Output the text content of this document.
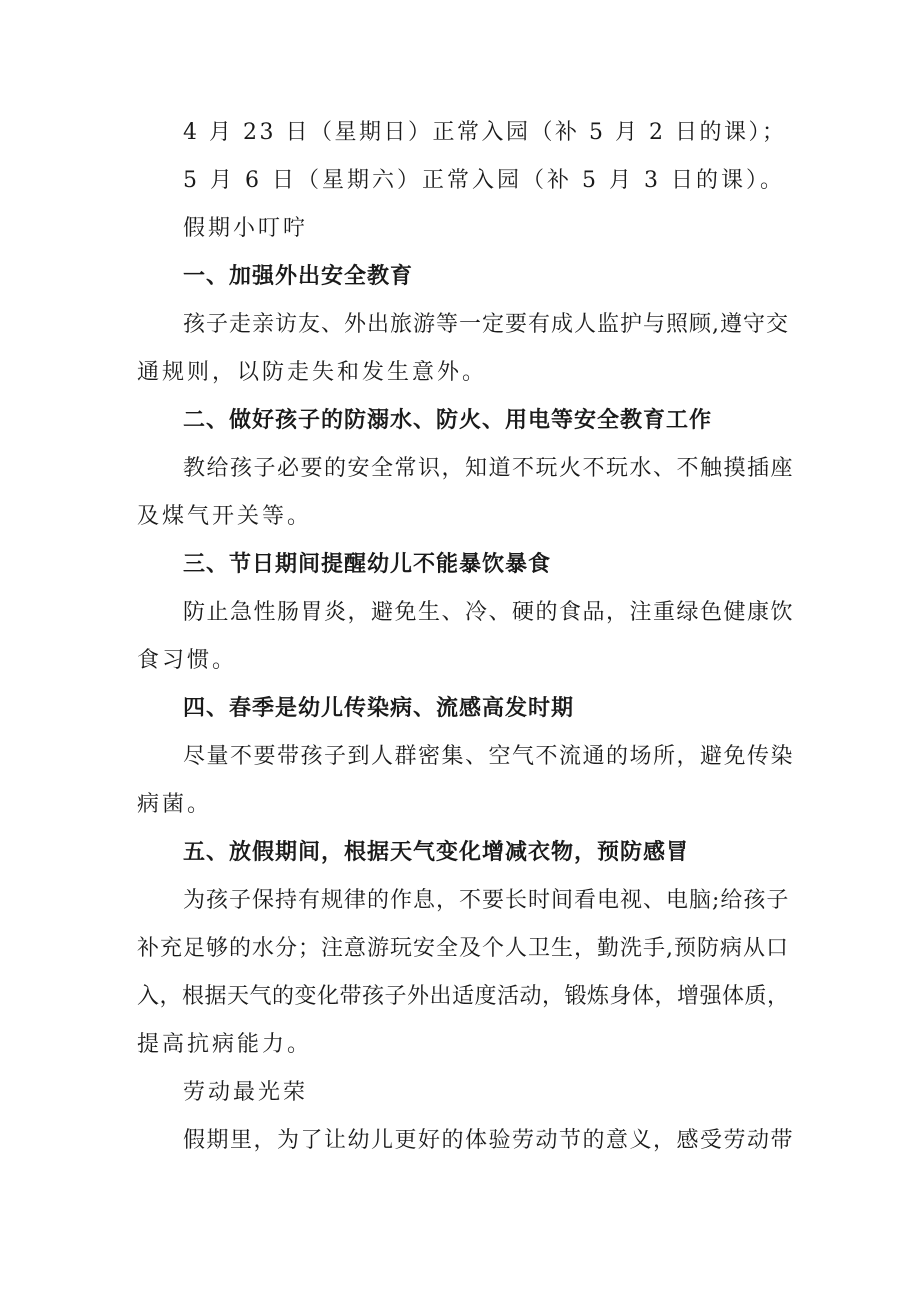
4 月 23 日（星期日）正常入园（补 5 月 2 日的课）；
5 月 6 日（星期六）正常入园（补 5 月 3 日的课）。
假期小叮咛
一、加强外出安全教育
孩子走亲访友、外出旅游等一定要有成人监护与照顾,遵守交
通规则，以防走失和发生意外。
二、做好孩子的防溺水、防火、用电等安全教育工作
教给孩子必要的安全常识，知道不玩火不玩水、不触摸插座
及煤气开关等。
三、节日期间提醒幼儿不能暴饮暴食
防止急性肠胃炎，避免生、冷、硬的食品，注重绿色健康饮
食习惯。
四、春季是幼儿传染病、流感高发时期
尽量不要带孩子到人群密集、空气不流通的场所，避免传染
病菌。
五、放假期间，根据天气变化增减衣物，预防感冒
为孩子保持有规律的作息，不要长时间看电视、电脑;给孩子
补充足够的水分；注意游玩安全及个人卫生，勤洗手,预防病从口
入，根据天气的变化带孩子外出适度活动，锻炼身体，增强体质，
提高抗病能力。
劳动最光荣
假期里，为了让幼儿更好的体验劳动节的意义，感受劳动带
